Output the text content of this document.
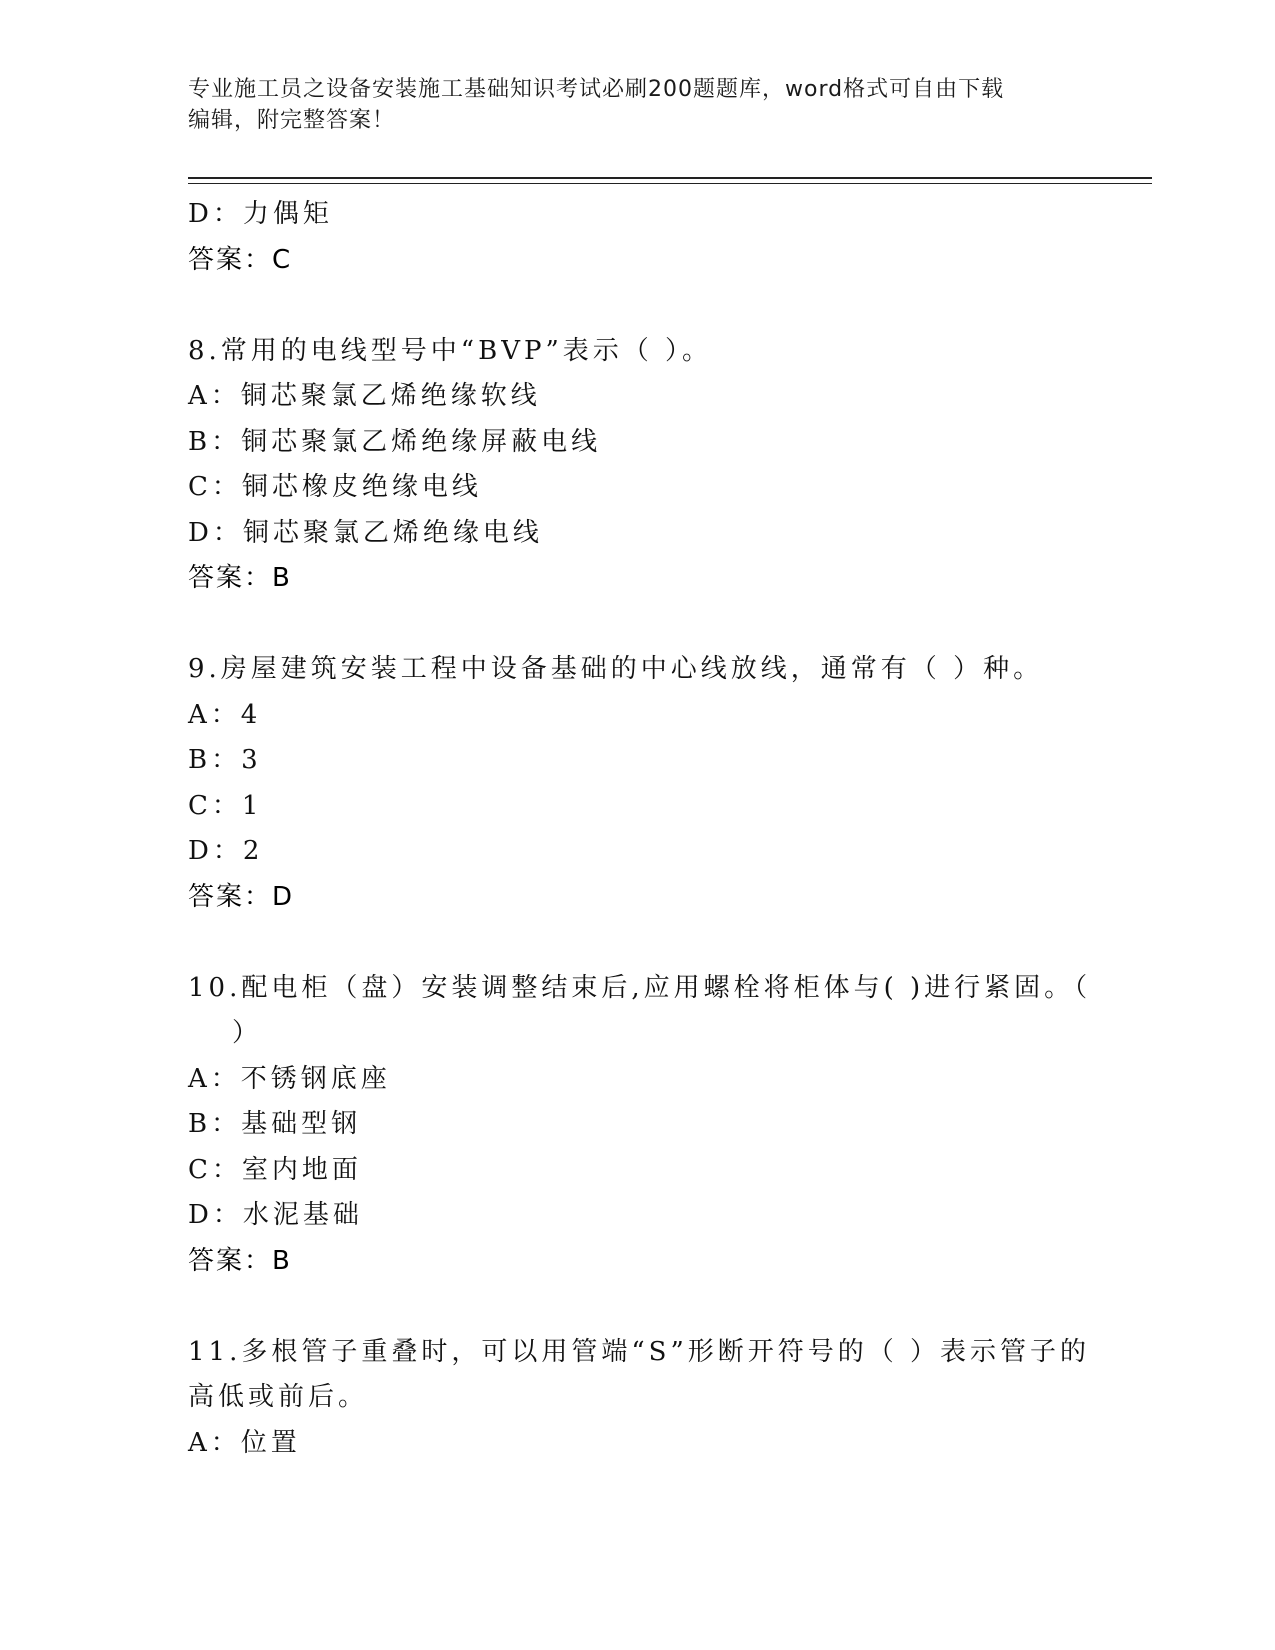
专业施工员之设备安装施工基础知识考试必刷200题题库，word格式可自由下载
编辑，附完整答案！
D：力偶矩
答案：C
8.常用的电线型号中“BVP”表示（ ）。
A：铜芯聚氯乙烯绝缘软线
B：铜芯聚氯乙烯绝缘屏蔽电线
C：铜芯橡皮绝缘电线
D：铜芯聚氯乙烯绝缘电线
答案：B
9.房屋建筑安装工程中设备基础的中心线放线，通常有（ ）种。
A：4
B：3
C：1
D：2
答案：D
10.配电柜（盘）安装调整结束后,应用螺栓将柜体与( )进行紧固。（
）
A：不锈钢底座
B：基础型钢
C：室内地面
D：水泥基础
答案：B
11.多根管子重叠时，可以用管端“S”形断开符号的（ ）表示管子的
高低或前后。
A：位置
